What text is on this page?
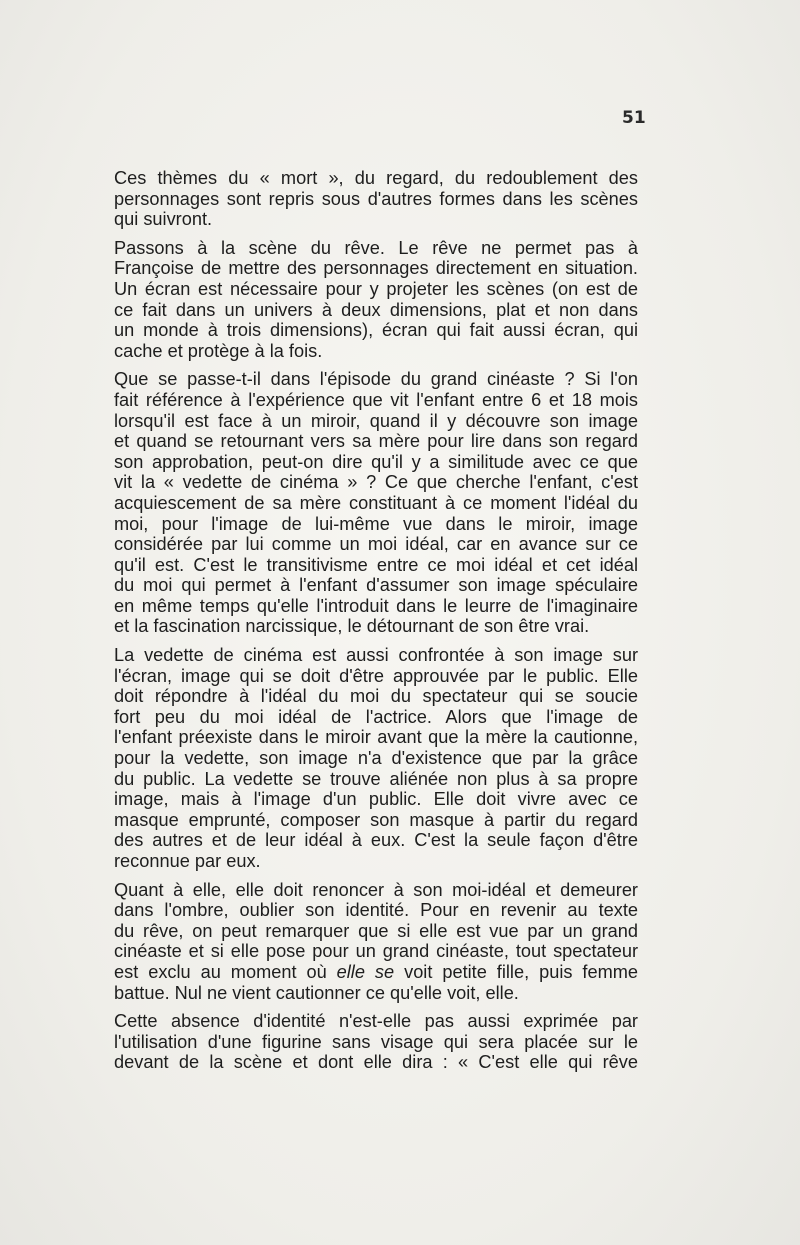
51

Ces thèmes du « mort », du regard, du redoublement des
personnages sont repris sous d'autres formes dans les scènes
qui suivront.

Passons à la scène du rêve. Le rêve ne permet pas à
Françoise de mettre des personnages directement en situation.
Un écran est nécessaire pour y projeter les scènes (on est de
ce fait dans un univers à deux dimensions, plat et non dans
un monde à trois dimensions), écran qui fait aussi écran, qui
cache et protège à la fois.

Que se passe-t-il dans l'épisode du grand cinéaste ? Si l'on
fait référence à l'expérience que vit l'enfant entre 6 et 18 mois
lorsqu'il est face à un miroir, quand il y découvre son image
et quand se retournant vers sa mère pour lire dans son regard
son approbation, peut-on dire qu'il y a similitude avec ce que
vit la « vedette de cinéma » ? Ce que cherche l'enfant, c'est
acquiescement de sa mère constituant à ce moment l'idéal du
moi, pour l'image de lui-même vue dans le miroir, image
considérée par lui comme un moi idéal, car en avance sur ce
qu'il est. C'est le transitivisme entre ce moi idéal et cet idéal
du moi qui permet à l'enfant d'assumer son image spéculaire
en même temps qu'elle l'introduit dans le leurre de l'imaginaire
et la fascination narcissique, le détournant de son être vrai.

La vedette de cinéma est aussi confrontée à son image sur
l'écran, image qui se doit d'être approuvée par le public. Elle
doit répondre à l'idéal du moi du spectateur qui se soucie
fort peu du moi idéal de l'actrice. Alors que l'image de
l'enfant préexiste dans le miroir avant que la mère la cautionne,
pour la vedette, son image n'a d'existence que par la grâce
du public. La vedette se trouve aliénée non plus à sa propre
image, mais à l'image d'un public. Elle doit vivre avec ce
masque emprunté, composer son masque à partir du regard
des autres et de leur idéal à eux. C'est la seule façon d'être
reconnue par eux.

Quant à elle, elle doit renoncer à son moi-idéal et demeurer
dans l'ombre, oublier son identité. Pour en revenir au texte
du rêve, on peut remarquer que si elle est vue par un grand
cinéaste et si elle pose pour un grand cinéaste, tout spectateur
est exclu au moment où elle se voit petite fille, puis femme
battue. Nul ne vient cautionner ce qu'elle voit, elle.

Cette absence d'identité n'est-elle pas aussi exprimée par
l'utilisation d'une figurine sans visage qui sera placée sur le
devant de la scène et dont elle dira : « C'est elle qui rêve
